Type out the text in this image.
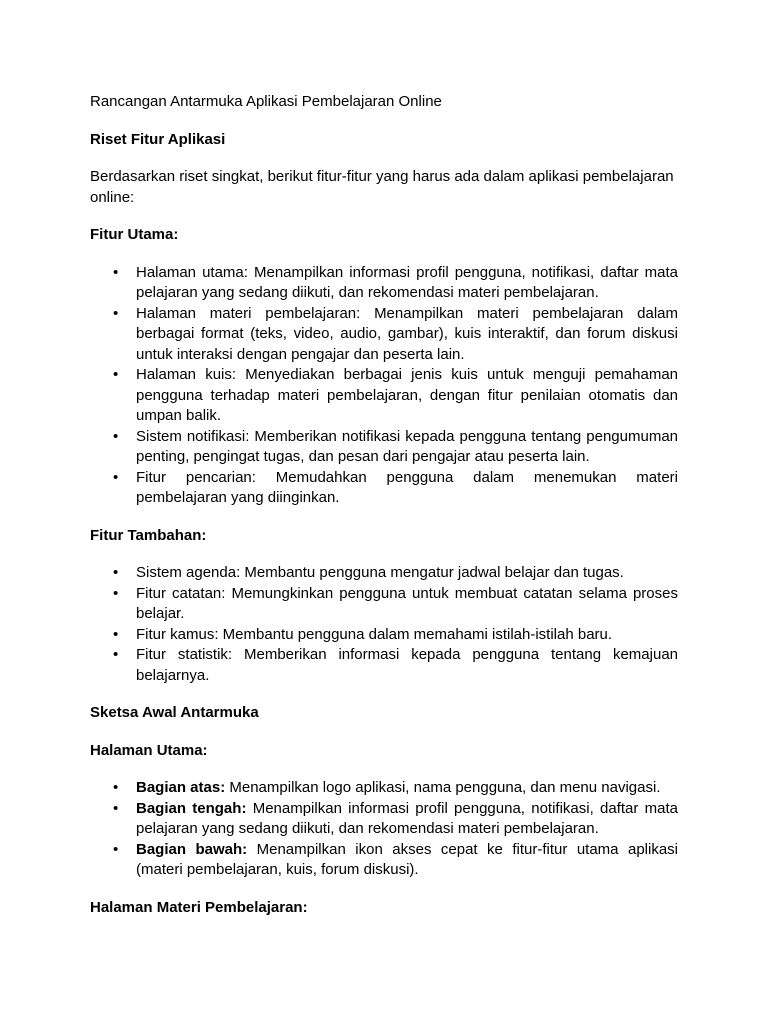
Rancangan Antarmuka Aplikasi Pembelajaran Online

Riset Fitur Aplikasi

Berdasarkan riset singkat, berikut fitur-fitur yang harus ada dalam aplikasi pembelajaran online:

Fitur Utama:

• Halaman utama: Menampilkan informasi profil pengguna, notifikasi, daftar mata pelajaran yang sedang diikuti, dan rekomendasi materi pembelajaran.
• Halaman materi pembelajaran: Menampilkan materi pembelajaran dalam berbagai format (teks, video, audio, gambar), kuis interaktif, dan forum diskusi untuk interaksi dengan pengajar dan peserta lain.
• Halaman kuis: Menyediakan berbagai jenis kuis untuk menguji pemahaman pengguna terhadap materi pembelajaran, dengan fitur penilaian otomatis dan umpan balik.
• Sistem notifikasi: Memberikan notifikasi kepada pengguna tentang pengumuman penting, pengingat tugas, dan pesan dari pengajar atau peserta lain.
• Fitur pencarian: Memudahkan pengguna dalam menemukan materi pembelajaran yang diinginkan.

Fitur Tambahan:

• Sistem agenda: Membantu pengguna mengatur jadwal belajar dan tugas.
• Fitur catatan: Memungkinkan pengguna untuk membuat catatan selama proses belajar.
• Fitur kamus: Membantu pengguna dalam memahami istilah-istilah baru.
• Fitur statistik: Memberikan informasi kepada pengguna tentang kemajuan belajarnya.

Sketsa Awal Antarmuka

Halaman Utama:

• Bagian atas: Menampilkan logo aplikasi, nama pengguna, dan menu navigasi.
• Bagian tengah: Menampilkan informasi profil pengguna, notifikasi, daftar mata pelajaran yang sedang diikuti, dan rekomendasi materi pembelajaran.
• Bagian bawah: Menampilkan ikon akses cepat ke fitur-fitur utama aplikasi (materi pembelajaran, kuis, forum diskusi).

Halaman Materi Pembelajaran:
